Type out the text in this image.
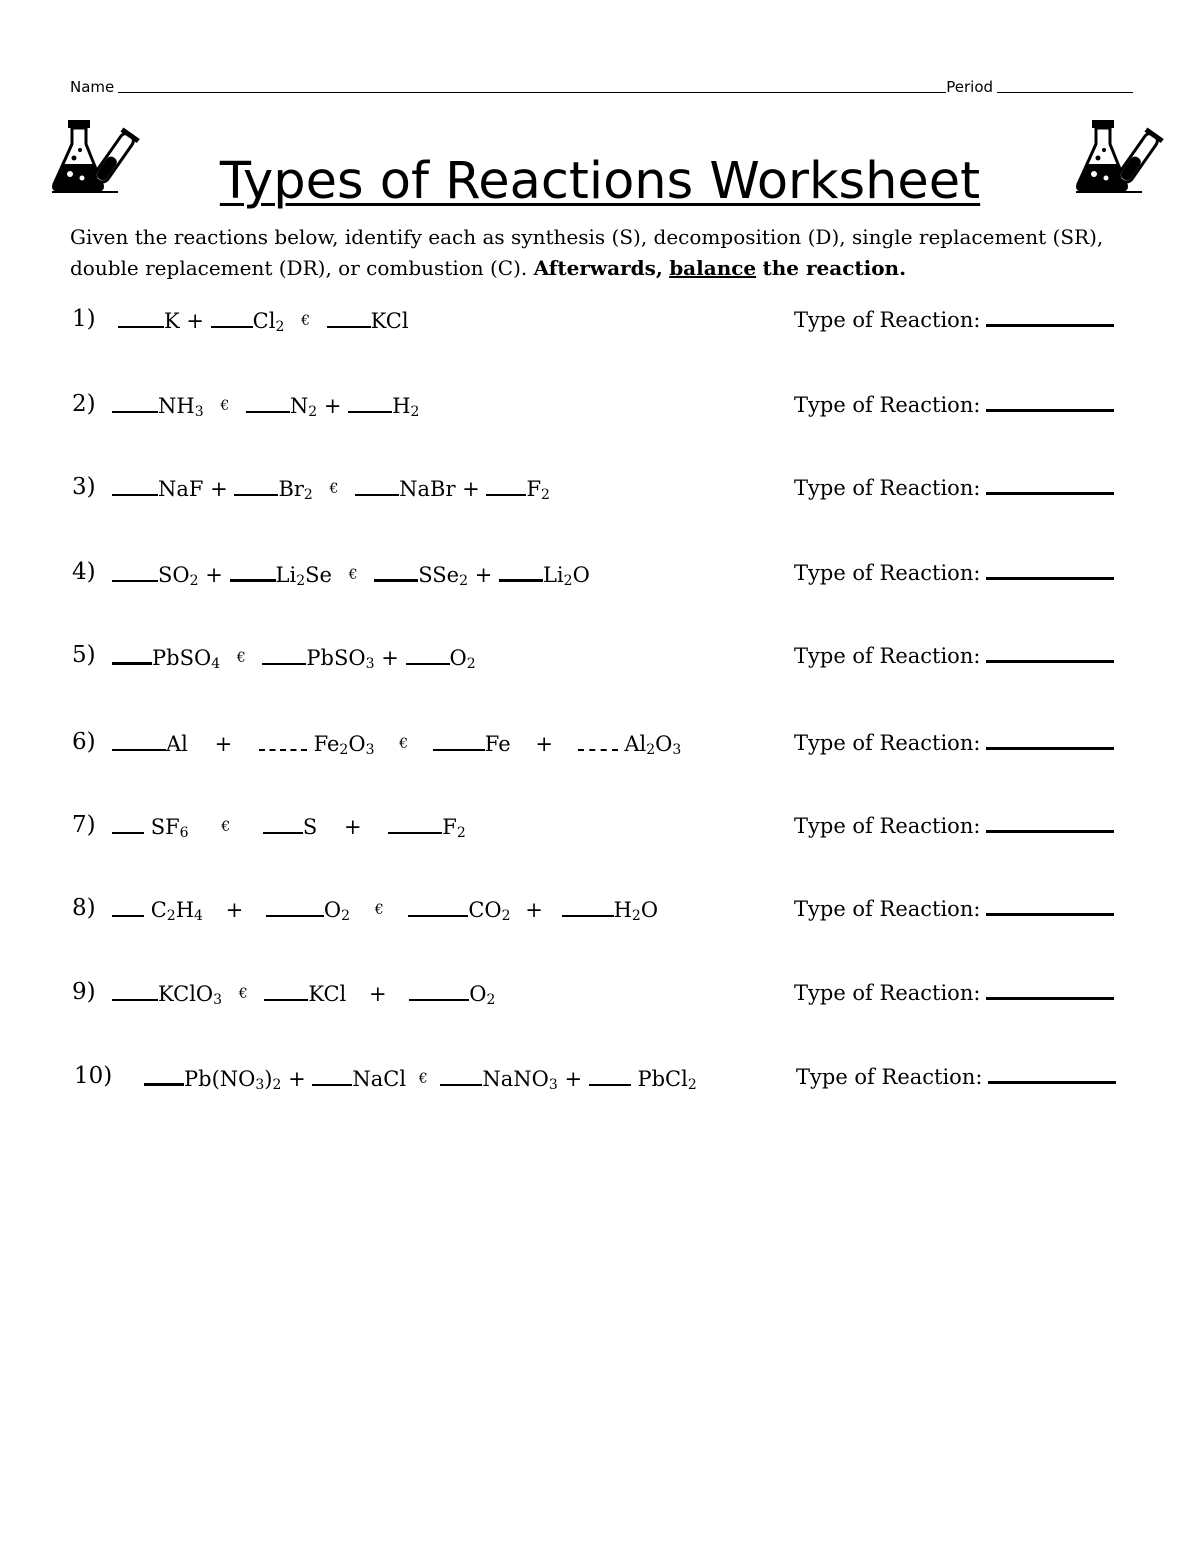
Name	Period
Types of Reactions Worksheet
Given the reactions below, identify each as synthesis (S), decomposition (D), single replacement (SR), double replacement (DR), or combustion (C). Afterwards, balance the reaction.
1)	$K + Cl_2$ €	KCl	Type of Reaction:
2)	$NH_3$ €	$N_2 + H_2$	Type of Reaction:
3)	NaF + $Br_2$ €	NaBr + $F_2$	Type of Reaction:
4)	$SO_2$ +	$Li_2Se$ €	$SSe_2 + Li_2O$	Type of Reaction:
5)	PbSO$_4$ €	PbSO$_3$ + $O_2$	Type of Reaction:
6)	Al +	$Fe_2O_3$ €	Fe +	$Al_2O_3$	Type of Reaction:
7)	$SF_6$ €	S +	$F_2$	Type of Reaction:
8)	$C_2H_4$ +	$O_2$ €	$CO_2$ +	$H_2O$	Type of Reaction:
9)	KClO$_3$ €	KCl +	$O_2$	Type of Reaction:
10)	$Pb(NO_3)_2$ + NaCl €	NaNO$_3$ +	PbCl$_2$	Type of Reaction:
